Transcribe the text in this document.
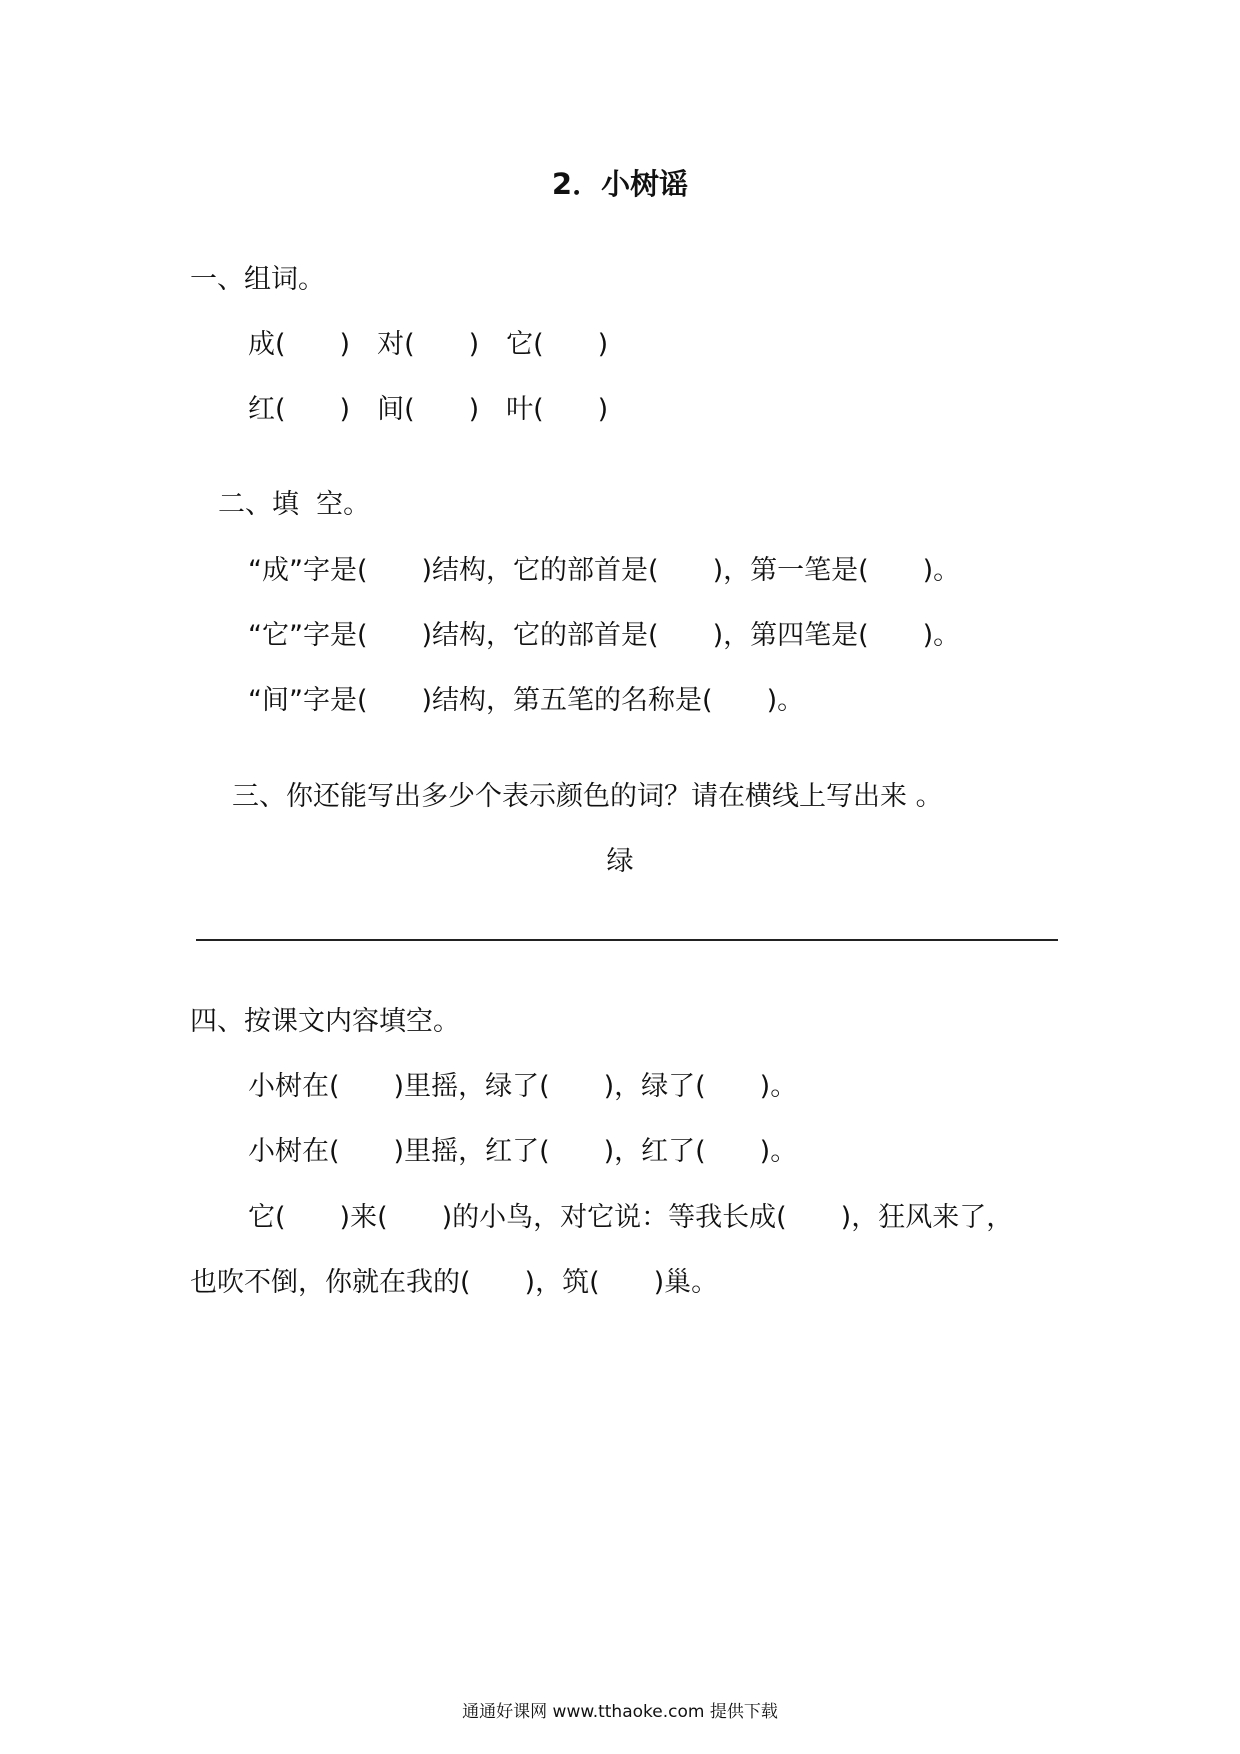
2．小树谣
一、组词。
成(　　)　对(　　)　它(　　)
红(　　)　间(　　)　叶(　　)
二、填  空。
“成”字是(　　)结构，它的部首是(　　)，第一笔是(　　)。
“它”字是(　　)结构，它的部首是(　　)，第四笔是(　　)。
“间”字是(　　)结构，第五笔的名称是(　　)。
三、你还能写出多少个表示颜色的词？请在横线上写出来 。
绿
四、按课文内容填空。
小树在(　　)里摇，绿了(　　)，绿了(　　)。
小树在(　　)里摇，红了(　　)，红了(　　)。
它(　　)来(　　)的小鸟，对它说：等我长成(　　)，狂风来了，
也吹不倒，你就在我的(　　)，筑(　　)巢。
通通好课网 www.tthaoke.com 提供下载
